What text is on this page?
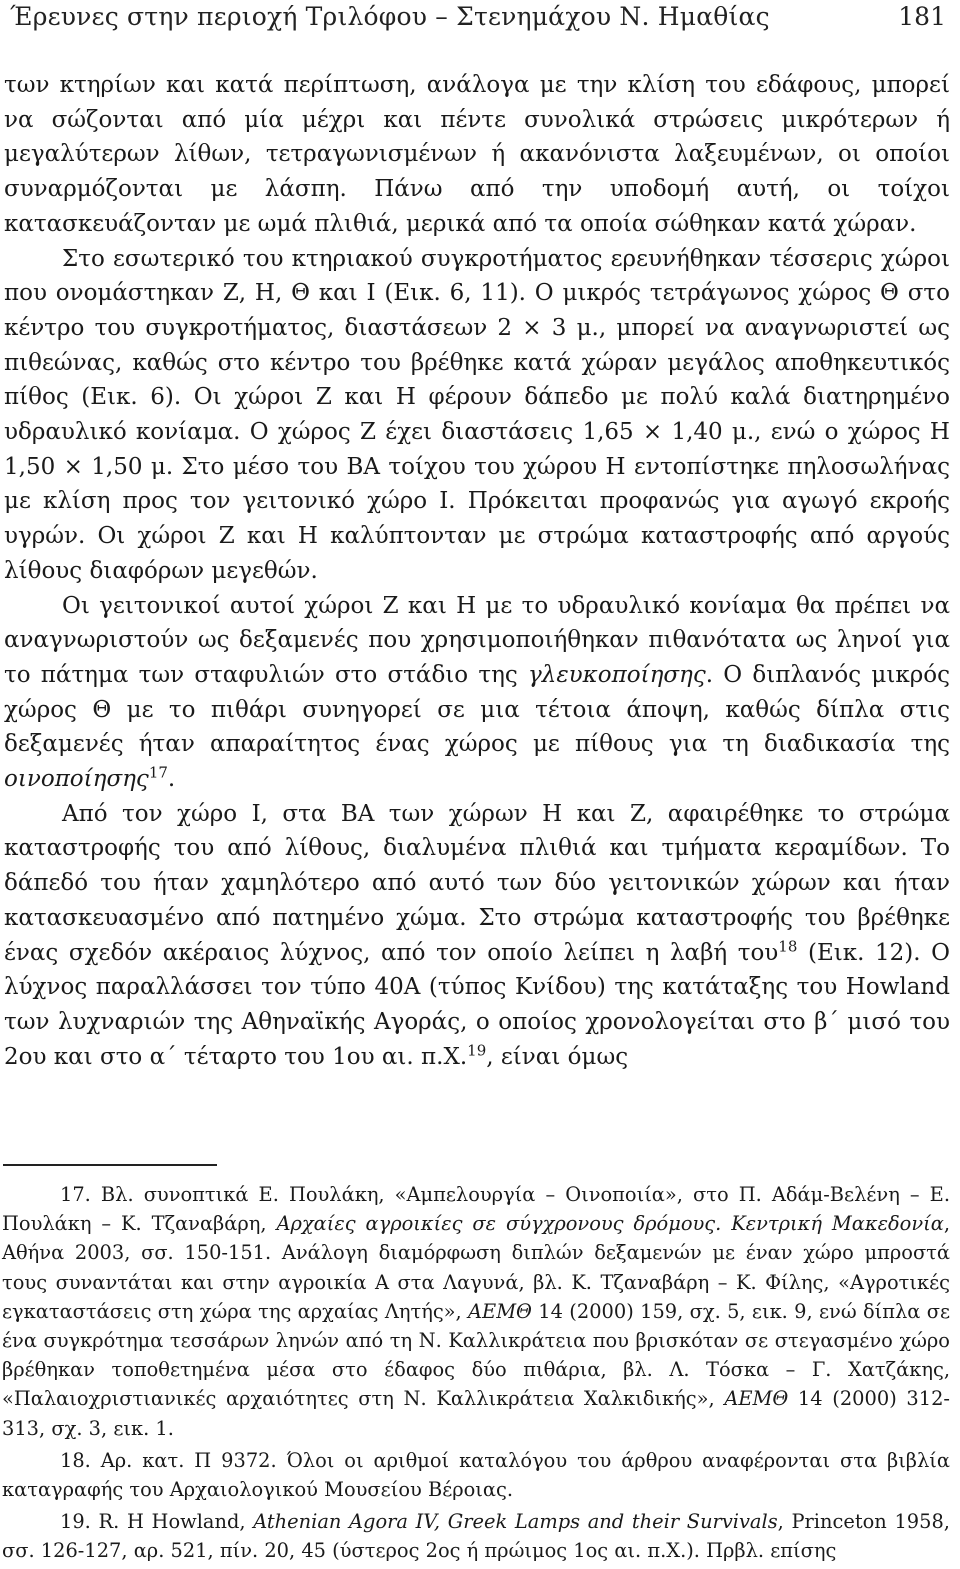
Έρευνες στην περιοχή Τριλόφου – Στενημάχου Ν. Ημαθίας	181

των κτηρίων και κατά περίπτωση, ανάλογα με την κλίση του εδάφους, μπορεί να σώζονται από μία μέχρι και πέντε συνολικά στρώσεις μικρότερων ή μεγαλύτερων λίθων, τετραγωνισμένων ή ακανόνιστα λαξευμένων, οι οποίοι συναρμόζονται με λάσπη. Πάνω από την υποδομή αυτή, οι τοίχοι κατασκευάζονταν με ωμά πλιθιά, μερικά από τα οποία σώθηκαν κατά χώραν.

Στο εσωτερικό του κτηριακού συγκροτήματος ερευνήθηκαν τέσσερις χώροι που ονομάστηκαν Ζ, Η, Θ και Ι (Εικ. 6, 11). Ο μικρός τετράγωνος χώρος Θ στο κέντρο του συγκροτήματος, διαστάσεων 2 × 3 μ., μπορεί να αναγνωριστεί ως πιθεώνας, καθώς στο κέντρο του βρέθηκε κατά χώραν μεγάλος αποθηκευτικός πίθος (Εικ. 6). Οι χώροι Ζ και Η φέρουν δάπεδο με πολύ καλά διατηρημένο υδραυλικό κονίαμα. Ο χώρος Ζ έχει διαστάσεις 1,65 × 1,40 μ., ενώ ο χώρος Η 1,50 × 1,50 μ. Στο μέσο του ΒΑ τοίχου του χώρου Η εντοπίστηκε πηλοσωλήνας με κλίση προς τον γειτονικό χώρο Ι. Πρόκειται προφανώς για αγωγό εκροής υγρών. Οι χώροι Ζ και Η καλύπτονταν με στρώμα καταστροφής από αργούς λίθους διαφόρων μεγεθών.

Οι γειτονικοί αυτοί χώροι Ζ και Η με το υδραυλικό κονίαμα θα πρέπει να αναγνωριστούν ως δεξαμενές που χρησιμοποιήθηκαν πιθανότατα ως ληνοί για το πάτημα των σταφυλιών στο στάδιο της γλευκοποίησης. Ο διπλανός μικρός χώρος Θ με το πιθάρι συνηγορεί σε μια τέτοια άποψη, καθώς δίπλα στις δεξαμενές ήταν απαραίτητος ένας χώρος με πίθους για τη διαδικασία της οινοποίησης$^{17}$.

Από τον χώρο Ι, στα ΒΑ των χώρων Η και Ζ, αφαιρέθηκε το στρώμα καταστροφής του από λίθους, διαλυμένα πλιθιά και τμήματα κεραμίδων. Το δάπεδό του ήταν χαμηλότερο από αυτό των δύο γειτονικών χώρων και ήταν κατασκευασμένο από πατημένο χώμα. Στο στρώμα καταστροφής του βρέθηκε ένας σχεδόν ακέραιος λύχνος, από τον οποίο λείπει η λαβή του$^{18}$ (Εικ. 12). Ο λύχνος παραλλάσσει τον τύπο 40Α (τύπος Κνίδου) της κατάταξης του Howland των λυχναριών της Αθηναϊκής Αγοράς, ο οποίος χρονολογείται στο β΄ μισό του 2ου και στο α΄ τέταρτο του 1ου αι. π.Χ.$^{19}$, είναι όμως

17. Βλ. συνοπτικά Ε. Πουλάκη, «Αμπελουργία – Οινοποιία», στο Π. Αδάμ-Βελένη – Ε. Πουλάκη – Κ. Τζαναβάρη, Αρχαίες αγροικίες σε σύγχρονους δρόμους. Κεντρική Μακεδονία, Αθήνα 2003, σσ. 150-151. Ανάλογη διαμόρφωση διπλών δεξαμενών με έναν χώρο μπροστά τους συναντάται και στην αγροικία Α στα Λαγυνά, βλ. Κ. Τζαναβάρη – Κ. Φίλης, «Αγροτικές εγκαταστάσεις στη χώρα της αρχαίας Λητής», ΑΕΜΘ 14 (2000) 159, σχ. 5, εικ. 9, ενώ δίπλα σε ένα συγκρότημα τεσσάρων ληνών από τη Ν. Καλλικράτεια που βρισκόταν σε στεγασμένο χώρο βρέθηκαν τοποθετημένα μέσα στο έδαφος δύο πιθάρια, βλ. Λ. Τόσκα – Γ. Χατζάκης, «Παλαιοχριστιανικές αρχαιότητες στη Ν. Καλλικράτεια Χαλκιδικής», ΑΕΜΘ 14 (2000) 312-313, σχ. 3, εικ. 1.

18. Αρ. κατ. Π 9372. Όλοι οι αριθμοί καταλόγου του άρθρου αναφέρονται στα βιβλία καταγραφής του Αρχαιολογικού Μουσείου Βέροιας.

19. R. H Howland, Athenian Agora IV, Greek Lamps and their Survivals, Princeton 1958, σσ. 126-127, αρ. 521, πίν. 20, 45 (ύστερος 2ος ή πρώιμος 1ος αι. π.Χ.). Πρβλ. επίσης
